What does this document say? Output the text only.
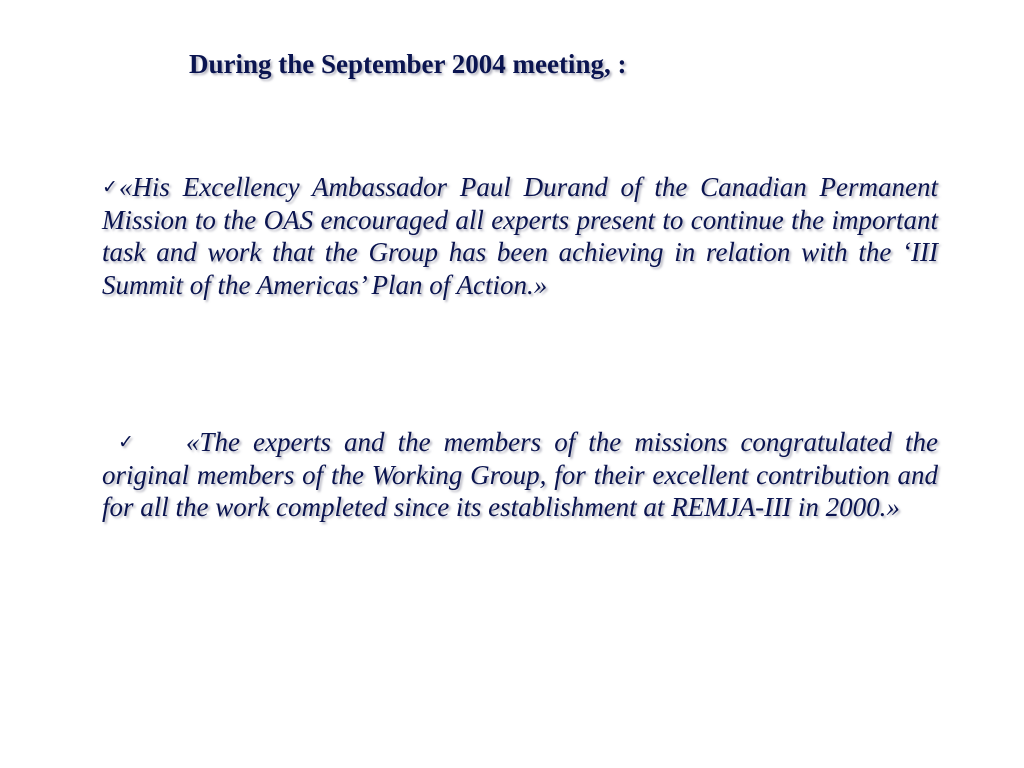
During the September 2004 meeting, :

✓«His Excellency Ambassador Paul Durand of the Canadian Permanent Mission to the OAS encouraged all experts present to continue the important task and work that the Group has been achieving in relation with the ‘III Summit of the Americas’ Plan of Action.»

✓ «The experts and the members of the missions congratulated the original members of the Working Group, for their excellent contribution and for all the work completed since its establishment at REMJA-III in 2000.»
